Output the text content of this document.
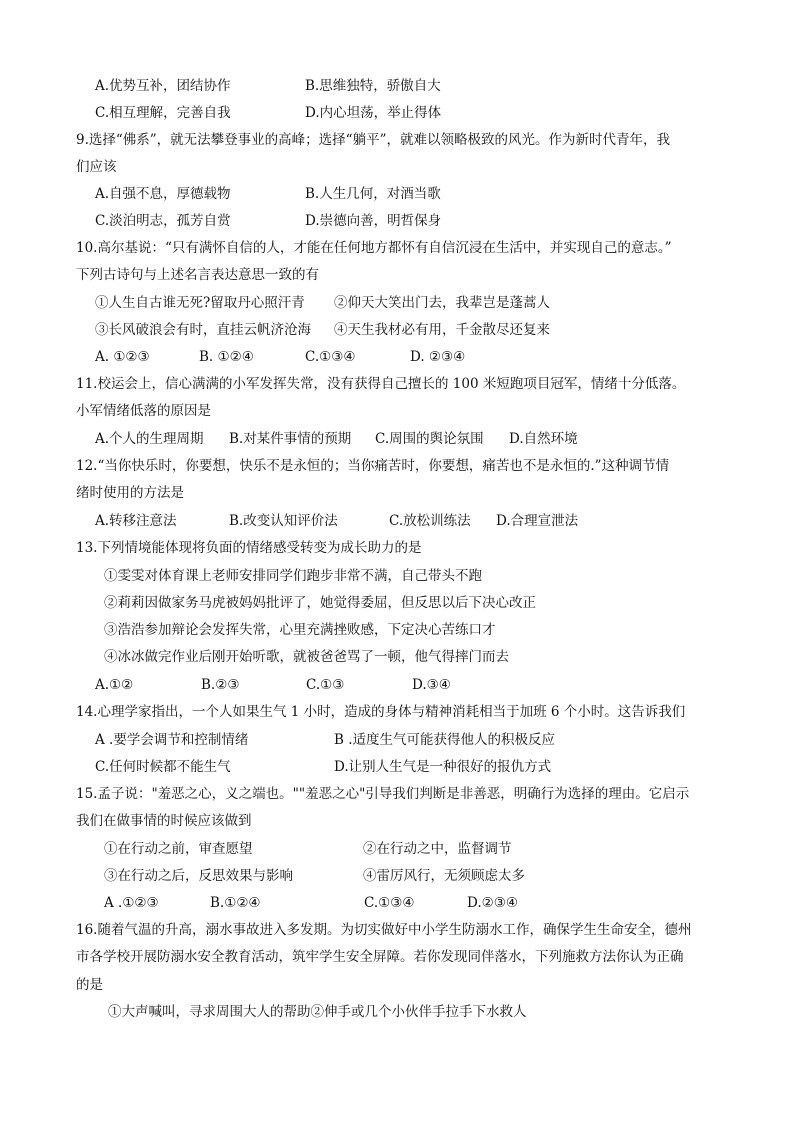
A.优势互补，团结协作	B.思维独特，骄傲自大
C.相互理解，完善自我	D.内心坦荡，举止得体
9.选择“佛系”，就无法攀登事业的高峰；选择“躺平”，就难以领略极致的风光。作为新时代青年，我
们应该
A.自强不息，厚德载物	B.人生几何，对酒当歌
C.淡泊明志，孤芳自赏	D.崇德向善，明哲保身
10.高尔基说：“只有满怀自信的人，才能在任何地方都怀有自信沉浸在生活中，并实现自己的意志。”
下列古诗句与上述名言表达意思一致的有
①人生自古谁无死?留取丹心照汗青 ②仰天大笑出门去，我辈岂是蓬蒿人
③长风破浪会有时，直挂云帆济沧海 ④天生我材必有用，千金散尽还复来
A. ①②③	B. ①②④	C.①③④	D. ②③④
11.校运会上，信心满满的小军发挥失常，没有获得自己擅长的 100 米短跑项目冠军，情绪十分低落。
小军情绪低落的原因是
A.个人的生理周期 B.对某件事情的预期 C.周围的舆论氛围 D.自然环境
12.“当你快乐时，你要想，快乐不是永恒的；当你痛苦时，你要想，痛苦也不是永恒的.”这种调节情
绪时使用的方法是
A.转移注意法	B.改变认知评价法	C.放松训练法 D.合理宣泄法
13.下列情境能体现将负面的情绪感受转变为成长助力的是
①雯雯对体育课上老师安排同学们跑步非常不满，自己带头不跑
②莉莉因做家务马虎被妈妈批评了，她觉得委屈，但反思以后下决心改正
③浩浩参加辩论会发挥失常，心里充满挫败感，下定决心苦练口才
④冰冰做完作业后刚开始听歌，就被爸爸骂了一顿，他气得摔门而去
A.①②	B.②③	C.①③	D.③④
14.心理学家指出，一个人如果生气 1 小时，造成的身体与精神消耗相当于加班 6 个小时。这告诉我们
A .要学会调节和控制情绪	B .适度生气可能获得他人的积极反应
C.任何时候都不能生气	D.让别人生气是一种很好的报仇方式
15.孟子说："羞恶之心，义之端也。""羞恶之心"引导我们判断是非善恶，明确行为选择的理由。它启示
我们在做事情的时候应该做到
①在行动之前，审查愿望	②在行动之中，监督调节
③在行动之后，反思效果与影响	④雷厉风行，无须顾虑太多
A .①②③	B.①②④	C.①③④	D.②③④
16.随着气温的升高，溺水事故进入多发期。为切实做好中小学生防溺水工作，确保学生生命安全，德州
市各学校开展防溺水安全教育活动，筑牢学生安全屏障。若你发现同伴落水，下列施救方法你认为正确
的是
①大声喊叫，寻求周围大人的帮助②伸手或几个小伙伴手拉手下水救人
